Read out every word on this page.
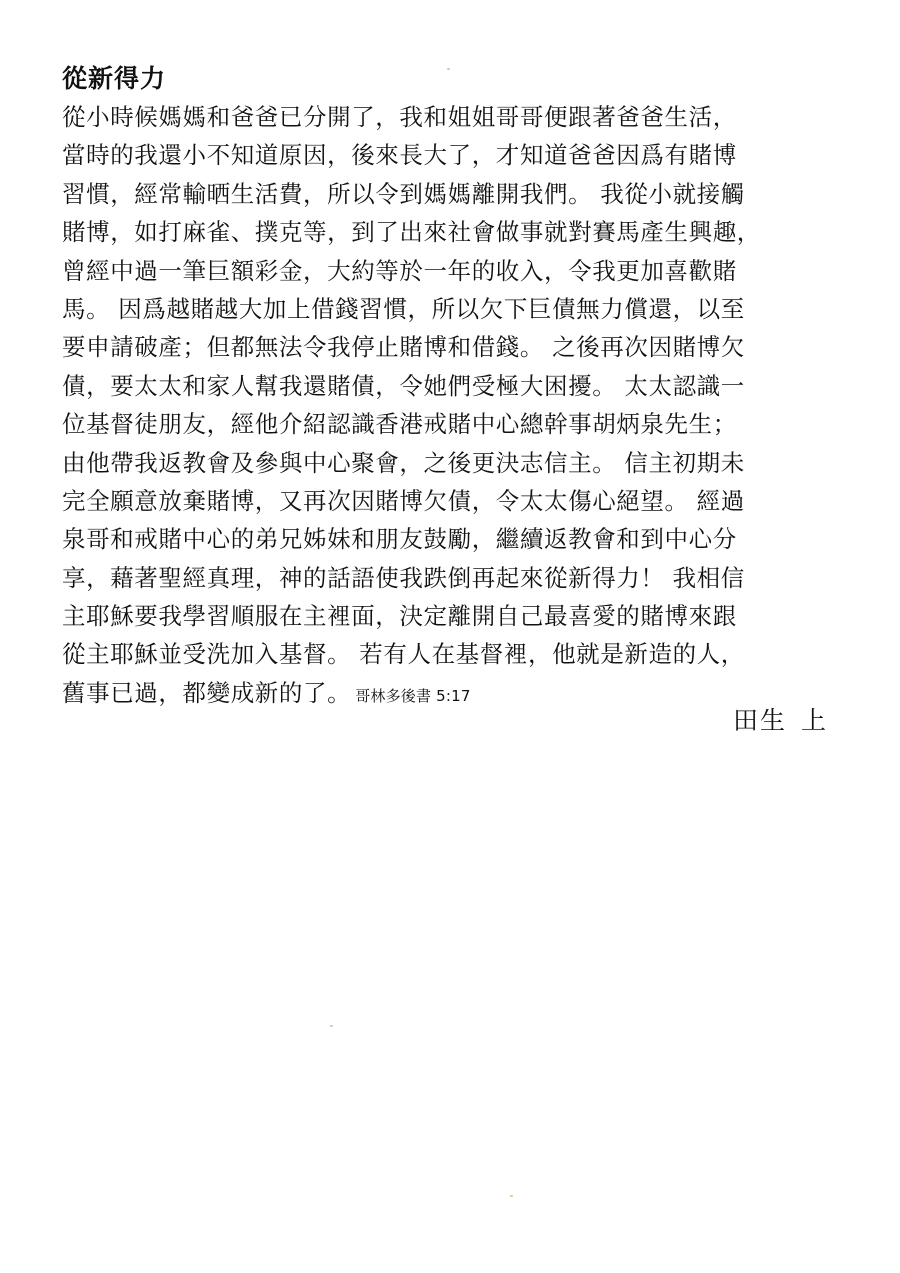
從新得力
從小時候媽媽和爸爸已分開了，我和姐姐哥哥便跟著爸爸生活，
當時的我還小不知道原因，後來長大了，才知道爸爸因爲有賭博
習慣，經常輸晒生活費，所以令到媽媽離開我們。 我從小就接觸
賭博，如打麻雀、撲克等，到了出來社會做事就對賽馬產生興趣，
曾經中過一筆巨額彩金，大約等於一年的收入，令我更加喜歡賭
馬。 因爲越賭越大加上借錢習慣，所以欠下巨債無力償還，以至
要申請破產；但都無法令我停止賭博和借錢。 之後再次因賭博欠
債，要太太和家人幫我還賭債，令她們受極大困擾。 太太認識一
位基督徒朋友，經他介紹認識香港戒賭中心總幹事胡炳泉先生；
由他帶我返教會及參與中心聚會，之後更決志信主。 信主初期未
完全願意放棄賭博，又再次因賭博欠債，令太太傷心絕望。 經過
泉哥和戒賭中心的弟兄姊妹和朋友鼓勵，繼續返教會和到中心分
享，藉著聖經真理，神的話語使我跌倒再起來從新得力！ 我相信
主耶穌要我學習順服在主裡面，決定離開自己最喜愛的賭博來跟
從主耶穌並受洗加入基督。 若有人在基督裡，他就是新造的人，
舊事已過，都變成新的了。 哥林多後書 5:17
田生 上
